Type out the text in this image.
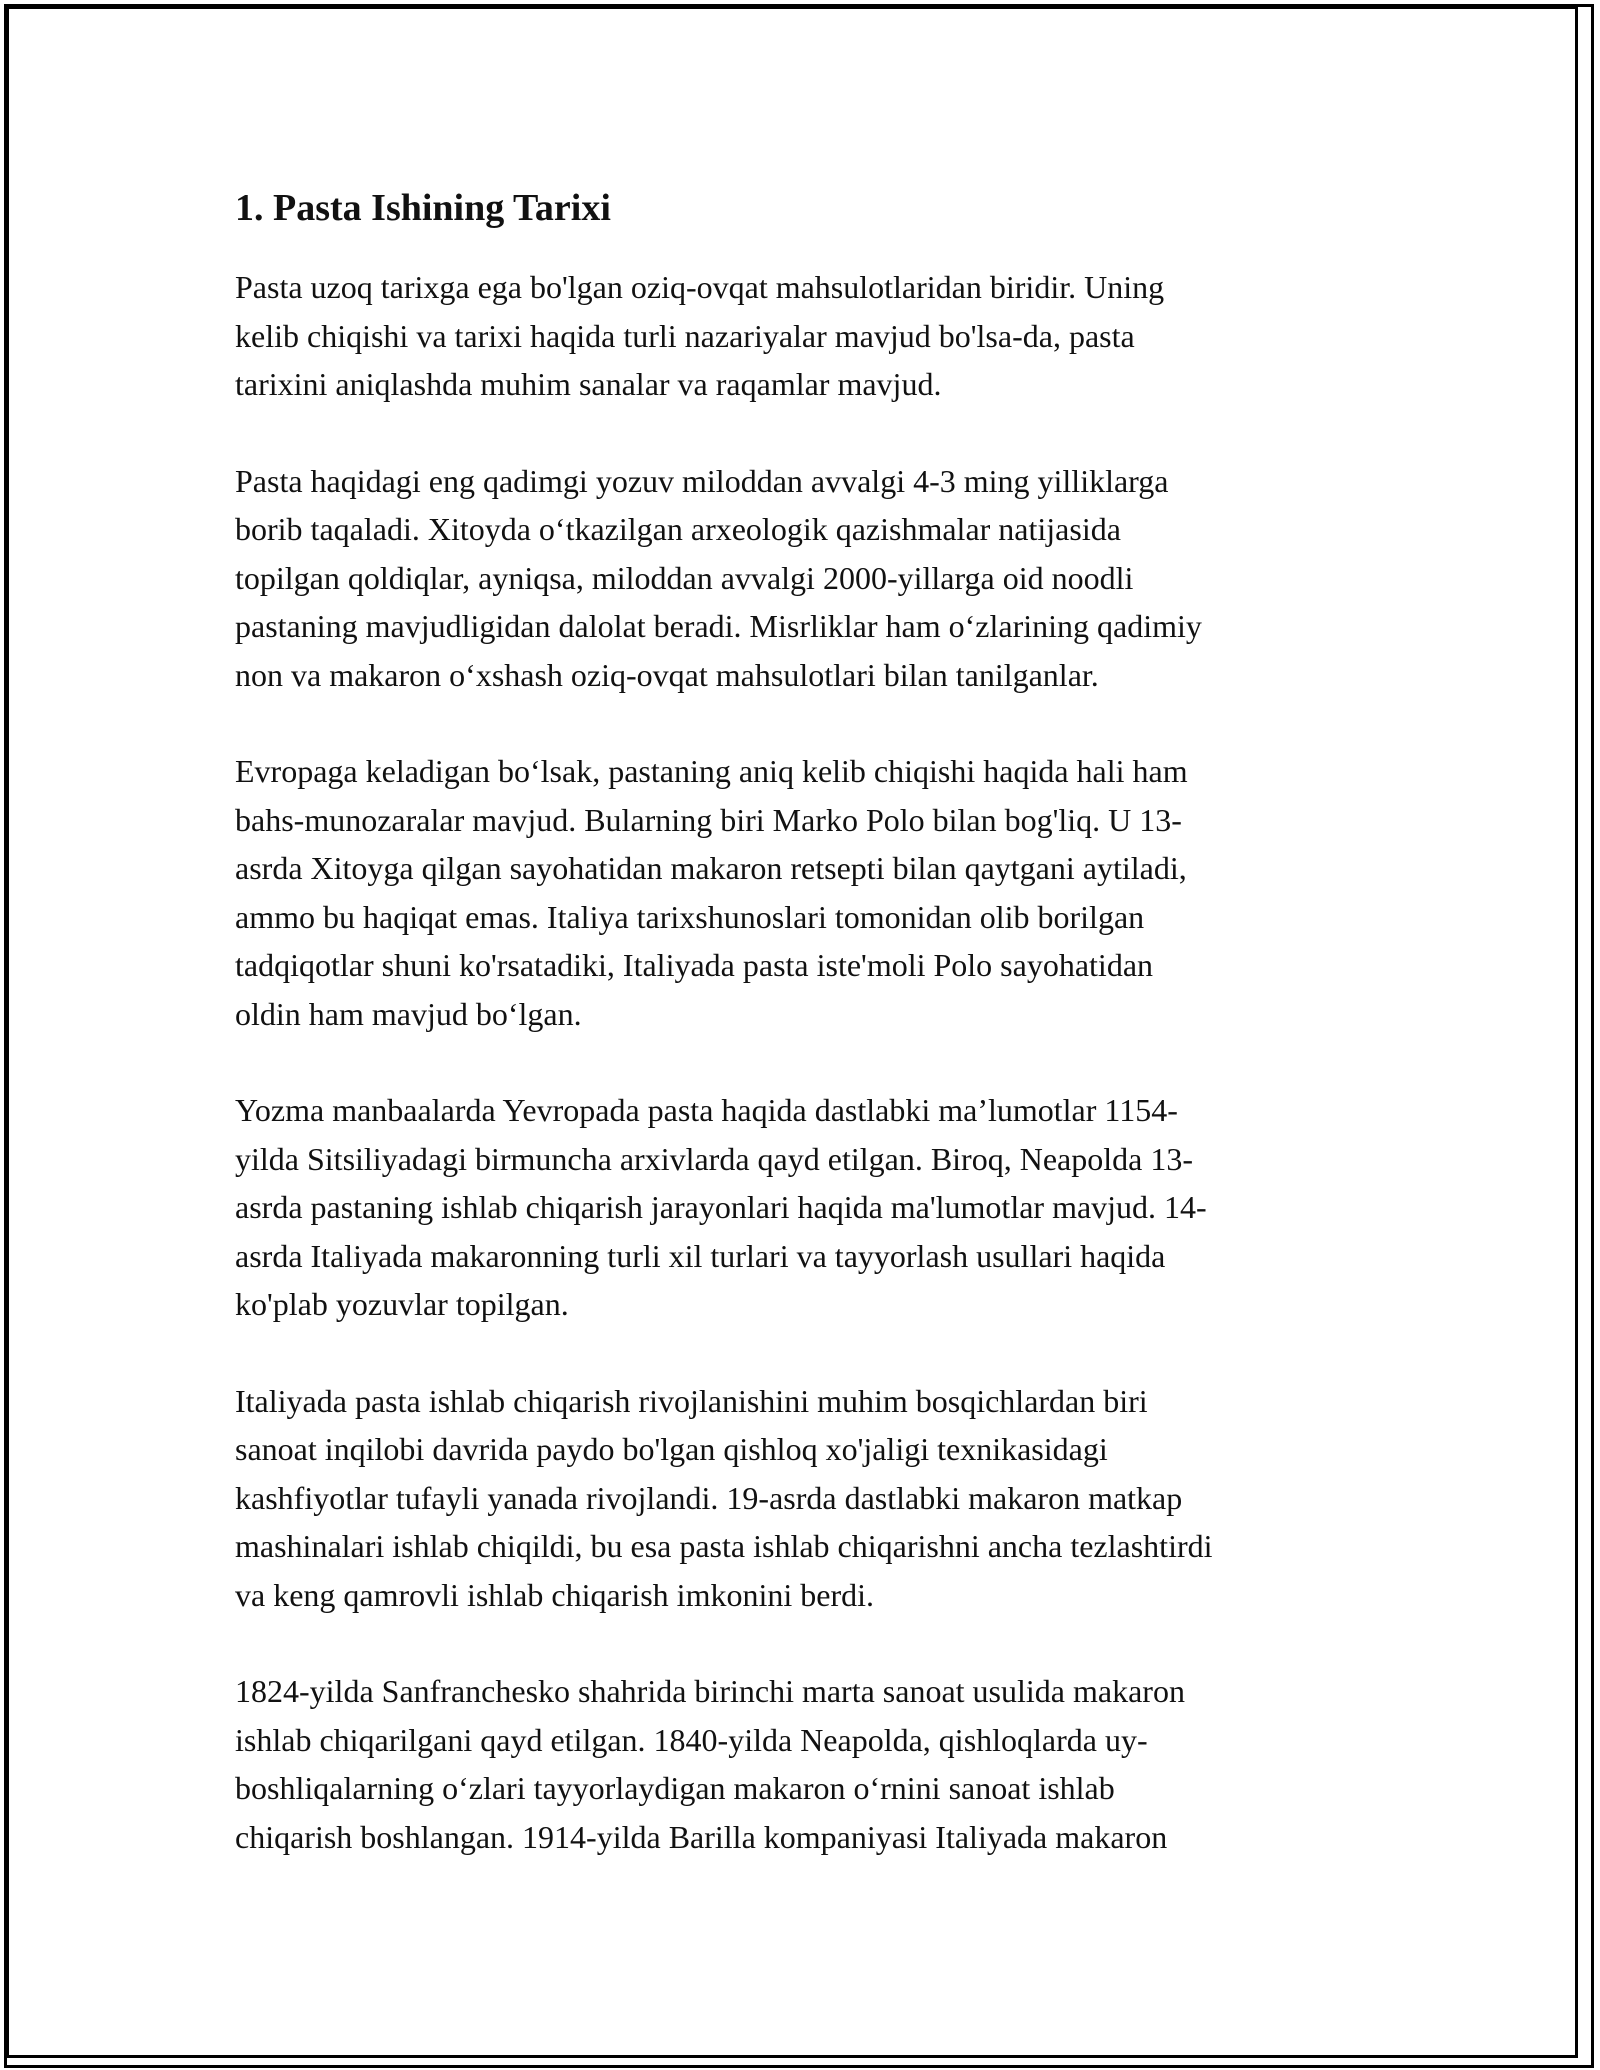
1. Pasta Ishining Tarixi

Pasta uzoq tarixga ega bo'lgan oziq-ovqat mahsulotlaridan biridir. Uning
kelib chiqishi va tarixi haqida turli nazariyalar mavjud bo'lsa-da, pasta
tarixini aniqlashda muhim sanalar va raqamlar mavjud.

Pasta haqidagi eng qadimgi yozuv miloddan avvalgi 4-3 ming yilliklarga
borib taqaladi. Xitoyda o‘tkazilgan arxeologik qazishmalar natijasida
topilgan qoldiqlar, ayniqsa, miloddan avvalgi 2000-yillarga oid noodli
pastaning mavjudligidan dalolat beradi. Misrliklar ham o‘zlarining qadimiy
non va makaron o‘xshash oziq-ovqat mahsulotlari bilan tanilganlar.

Evropaga keladigan bo‘lsak, pastaning aniq kelib chiqishi haqida hali ham
bahs-munozaralar mavjud. Bularning biri Marko Polo bilan bog'liq. U 13-
asrda Xitoyga qilgan sayohatidan makaron retsepti bilan qaytgani aytiladi,
ammo bu haqiqat emas. Italiya tarixshunoslari tomonidan olib borilgan
tadqiqotlar shuni ko'rsatadiki, Italiyada pasta iste'moli Polo sayohatidan
oldin ham mavjud bo‘lgan.

Yozma manbaalarda Yevropada pasta haqida dastlabki ma’lumotlar 1154-
yilda Sitsiliyadagi birmuncha arxivlarda qayd etilgan. Biroq, Neapolda 13-
asrda pastaning ishlab chiqarish jarayonlari haqida ma'lumotlar mavjud. 14-
asrda Italiyada makaronning turli xil turlari va tayyorlash usullari haqida
ko'plab yozuvlar topilgan.

Italiyada pasta ishlab chiqarish rivojlanishini muhim bosqichlardan biri
sanoat inqilobi davrida paydo bo'lgan qishloq xo'jaligi texnikasidagi
kashfiyotlar tufayli yanada rivojlandi. 19-asrda dastlabki makaron matkap
mashinalari ishlab chiqildi, bu esa pasta ishlab chiqarishni ancha tezlashtirdi
va keng qamrovli ishlab chiqarish imkonini berdi.

1824-yilda Sanfranchesko shahrida birinchi marta sanoat usulida makaron
ishlab chiqarilgani qayd etilgan. 1840-yilda Neapolda, qishloqlarda uy-
boshliqalarning o‘zlari tayyorlaydigan makaron o‘rnini sanoat ishlab
chiqarish boshlangan. 1914-yilda Barilla kompaniyasi Italiyada makaron
